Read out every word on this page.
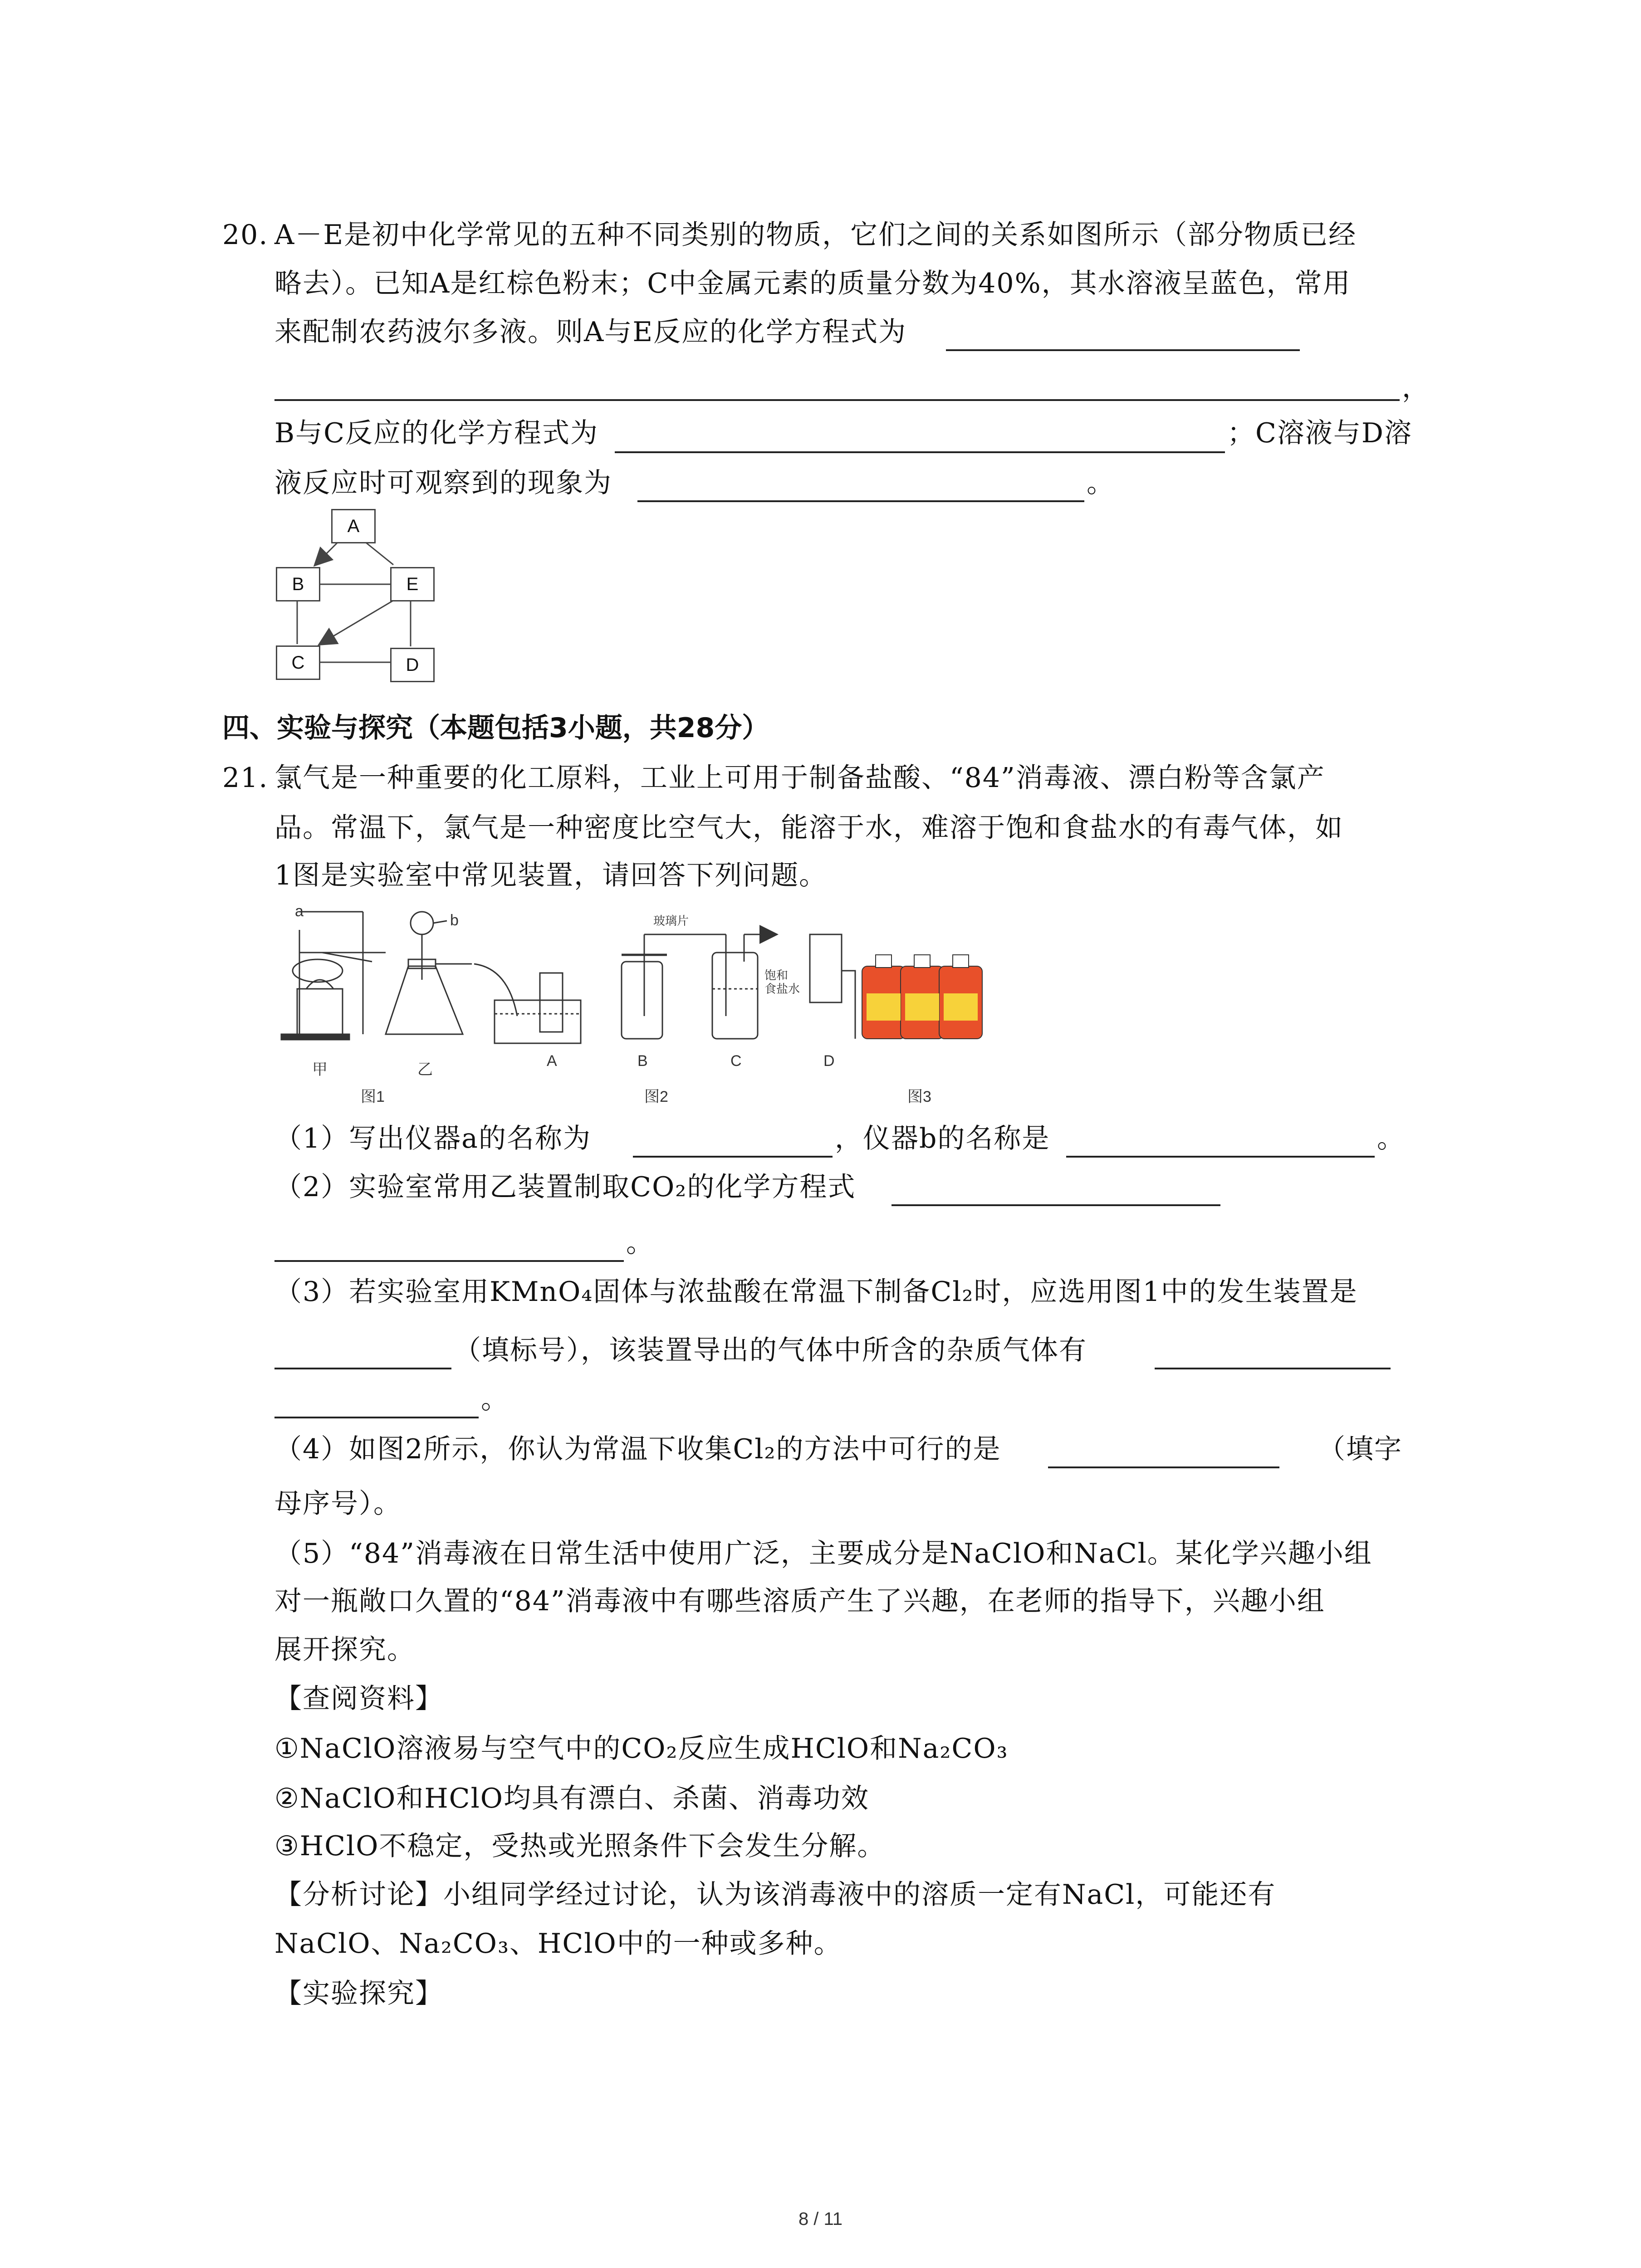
20. A－E是初中化学常见的五种不同类别的物质，它们之间的关系如图所示（部分物质已经
略去）。已知A是红棕色粉末；C中金属元素的质量分数为40%，其水溶液呈蓝色，常用
来配制农药波尔多液。则A与E反应的化学方程式为
，
B与C反应的化学方程式为	；C溶液与D溶
液反应时可观察到的现象为	。
A
B	E
C	D
四、实验与探究（本题包括3小题，共28分）
21. 氯气是一种重要的化工原料，工业上可用于制备盐酸、“84”消毒液、漂白粉等含氯产
品。常温下，氯气是一种密度比空气大，能溶于水，难溶于饱和食盐水的有毒气体，如
1图是实验室中常见装置，请回答下列问题。
a
b
甲	乙	A	B	C	D
玻璃片
饱和
食盐水
图1	图2	图3
（1）写出仪器a的名称为	，仪器b的名称是	。
（2）实验室常用乙装置制取CO₂的化学方程式
。
（3）若实验室用KMnO₄固体与浓盐酸在常温下制备Cl₂时，应选用图1中的发生装置是
（填标号），该装置导出的气体中所含的杂质气体有
。
（4）如图2所示，你认为常温下收集Cl₂的方法中可行的是	（填字
母序号）。
（5）“84”消毒液在日常生活中使用广泛，主要成分是NaClO和NaCl。某化学兴趣小组
对一瓶敞口久置的“84”消毒液中有哪些溶质产生了兴趣，在老师的指导下，兴趣小组
展开探究。
【查阅资料】
①NaClO溶液易与空气中的CO₂反应生成HClO和Na₂CO₃
②NaClO和HClO均具有漂白、杀菌、消毒功效
③HClO不稳定，受热或光照条件下会发生分解。
【分析讨论】小组同学经过讨论，认为该消毒液中的溶质一定有NaCl，可能还有
NaClO、Na₂CO₃、HClO中的一种或多种。
【实验探究】
8 / 11
